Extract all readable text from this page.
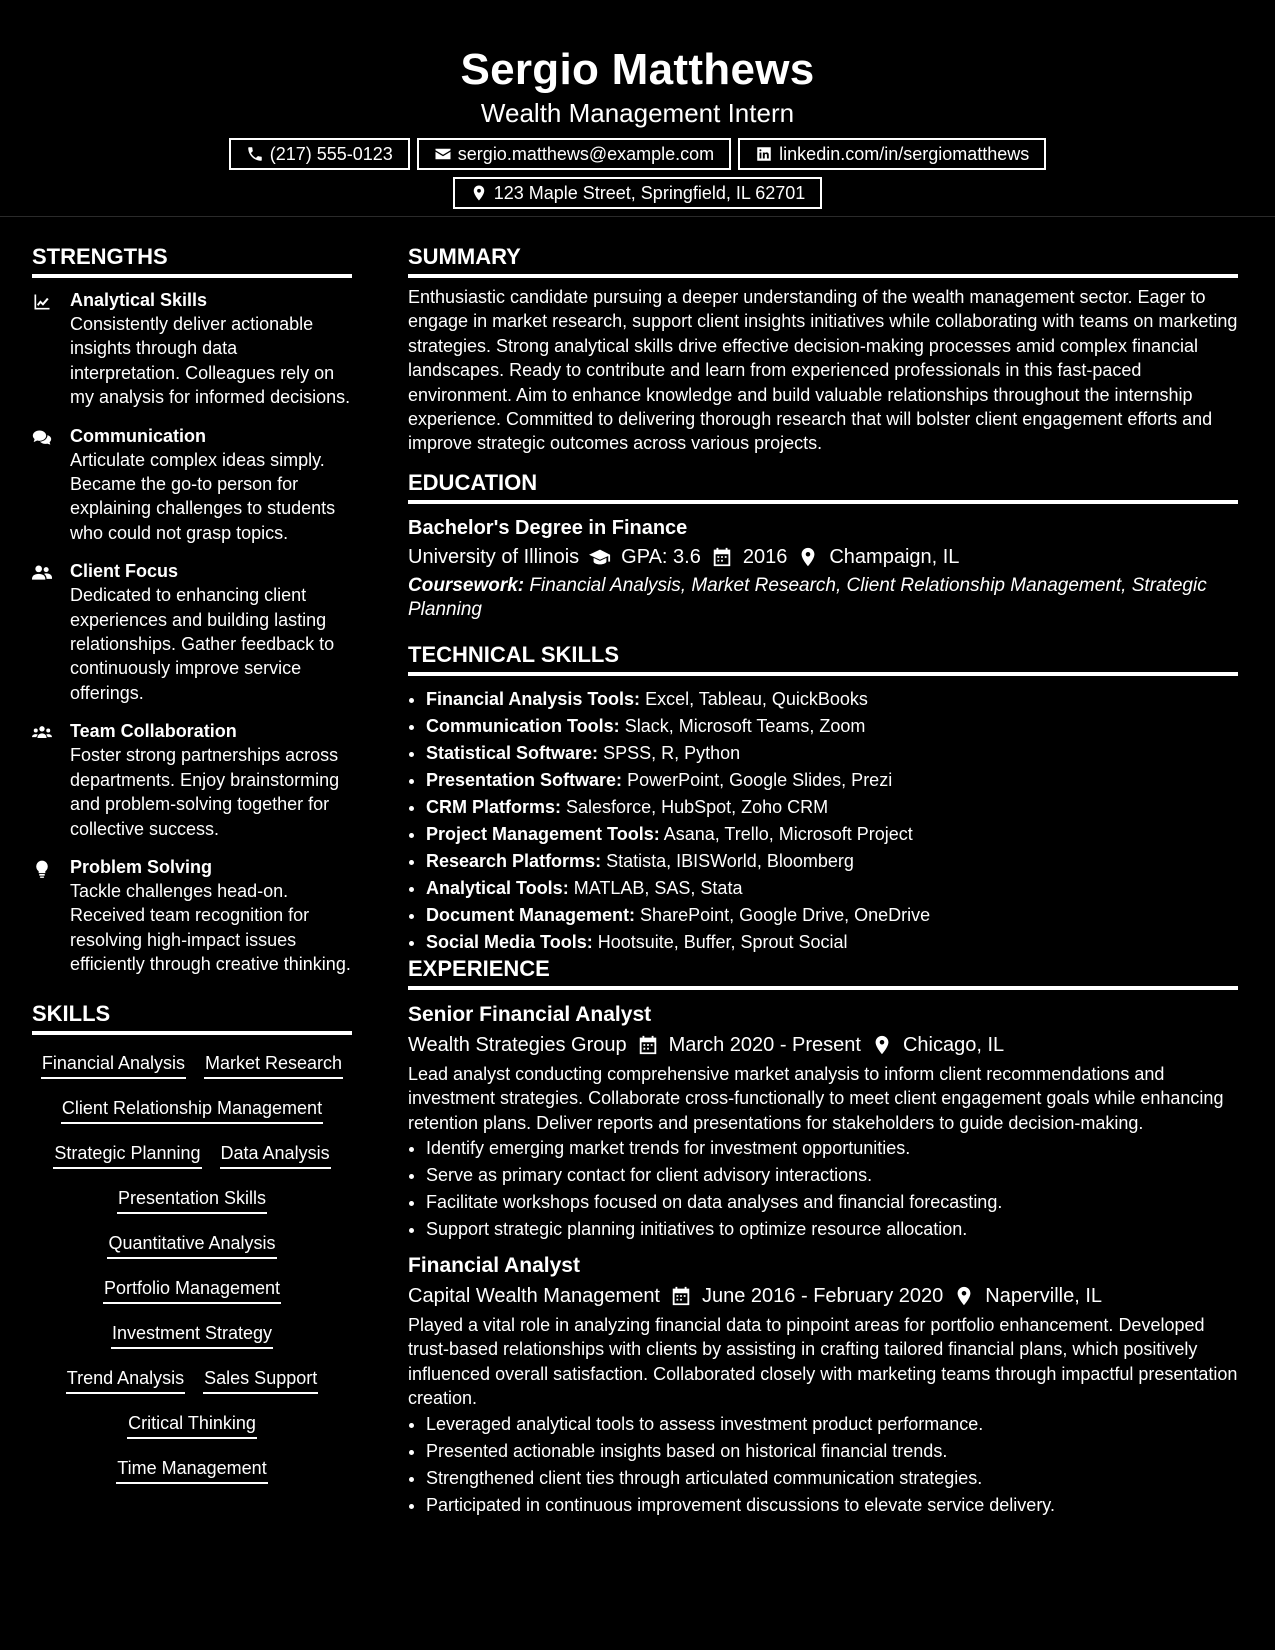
Sergio Matthews
Wealth Management Intern
(217) 555-0123	sergio.matthews@example.com	linkedin.com/in/sergiomatthews
123 Maple Street, Springfield, IL 62701
STRENGTHS
Analytical Skills
Consistently deliver actionable insights through data interpretation. Colleagues rely on my analysis for informed decisions.
Communication
Articulate complex ideas simply. Became the go-to person for explaining challenges to students who could not grasp topics.
Client Focus
Dedicated to enhancing client experiences and building lasting relationships. Gather feedback to continuously improve service offerings.
Team Collaboration
Foster strong partnerships across departments. Enjoy brainstorming and problem-solving together for collective success.
Problem Solving
Tackle challenges head-on. Received team recognition for resolving high-impact issues efficiently through creative thinking.
SKILLS
Financial Analysis Market Research
Client Relationship Management
Strategic Planning Data Analysis
Presentation Skills
Quantitative Analysis
Portfolio Management
Investment Strategy
Trend Analysis Sales Support
Critical Thinking
Time Management
SUMMARY
Enthusiastic candidate pursuing a deeper understanding of the wealth management sector. Eager to engage in market research, support client insights initiatives while collaborating with teams on marketing strategies. Strong analytical skills drive effective decision-making processes amid complex financial landscapes. Ready to contribute and learn from experienced professionals in this fast-paced environment. Aim to enhance knowledge and build valuable relationships throughout the internship experience. Committed to delivering thorough research that will bolster client engagement efforts and improve strategic outcomes across various projects.
EDUCATION
Bachelor's Degree in Finance
University of Illinois GPA: 3.6 2016 Champaign, IL
Coursework: Financial Analysis, Market Research, Client Relationship Management, Strategic Planning
TECHNICAL SKILLS
• Financial Analysis Tools: Excel, Tableau, QuickBooks
• Communication Tools: Slack, Microsoft Teams, Zoom
• Statistical Software: SPSS, R, Python
• Presentation Software: PowerPoint, Google Slides, Prezi
• CRM Platforms: Salesforce, HubSpot, Zoho CRM
• Project Management Tools: Asana, Trello, Microsoft Project
• Research Platforms: Statista, IBISWorld, Bloomberg
• Analytical Tools: MATLAB, SAS, Stata
• Document Management: SharePoint, Google Drive, OneDrive
• Social Media Tools: Hootsuite, Buffer, Sprout Social
EXPERIENCE
Senior Financial Analyst
Wealth Strategies Group March 2020 - Present Chicago, IL
Lead analyst conducting comprehensive market analysis to inform client recommendations and investment strategies. Collaborate cross-functionally to meet client engagement goals while enhancing retention plans. Deliver reports and presentations for stakeholders to guide decision-making.
• Identify emerging market trends for investment opportunities.
• Serve as primary contact for client advisory interactions.
• Facilitate workshops focused on data analyses and financial forecasting.
• Support strategic planning initiatives to optimize resource allocation.
Financial Analyst
Capital Wealth Management June 2016 - February 2020 Naperville, IL
Played a vital role in analyzing financial data to pinpoint areas for portfolio enhancement. Developed trust-based relationships with clients by assisting in crafting tailored financial plans, which positively influenced overall satisfaction. Collaborated closely with marketing teams through impactful presentation creation.
• Leveraged analytical tools to assess investment product performance.
• Presented actionable insights based on historical financial trends.
• Strengthened client ties through articulated communication strategies.
• Participated in continuous improvement discussions to elevate service delivery.
